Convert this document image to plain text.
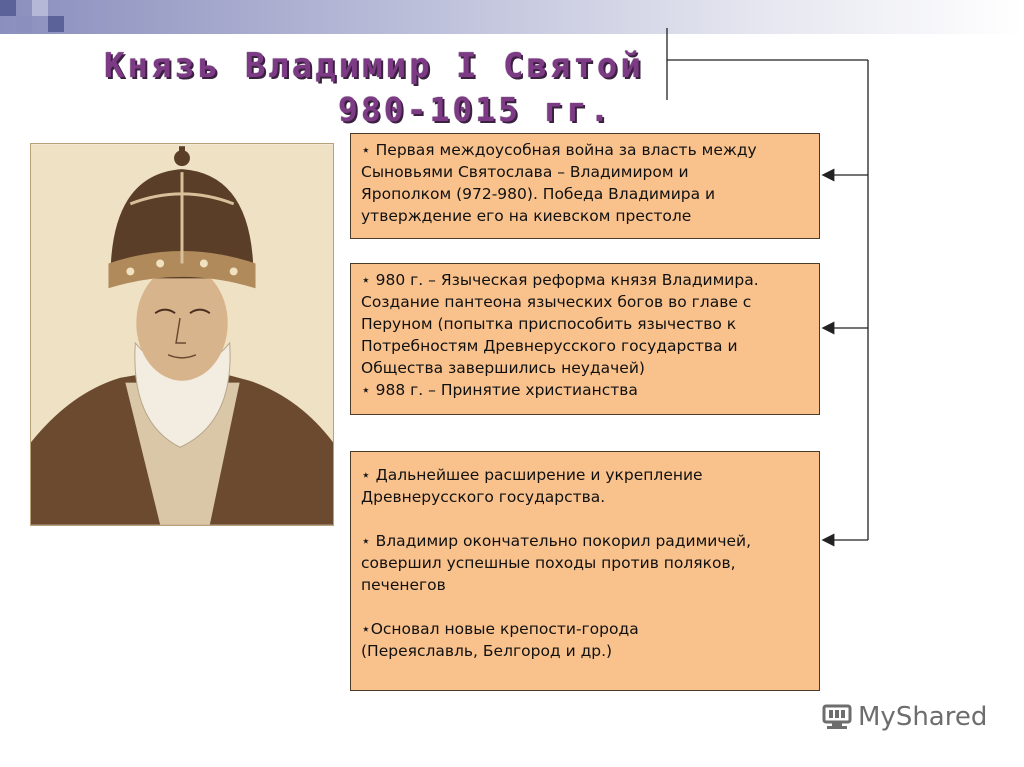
Князь Владимир I Святой
980-1015 гг.

⋆ Первая междоусобная война за власть между

Сыновьями Святослава – Владимиром и

Ярополком (972-980). Победа Владимира и

утверждение его на киевском престоле

⋆ 980 г. – Языческая реформа князя Владимира.

Создание пантеона языческих богов во главе с

Перуном (попытка приспособить язычество к

Потребностям Древнерусского государства и

Общества завершились неудачей)

⋆ 988 г. – Принятие христианства

⋆ Дальнейшее расширение и укрепление

Древнерусского государства.

⋆ Владимир окончательно покорил радимичей,

совершил успешные походы против поляков,

печенегов

⋆Основал новые крепости-города

(Переяславль, Белгород и др.)

MyShared
